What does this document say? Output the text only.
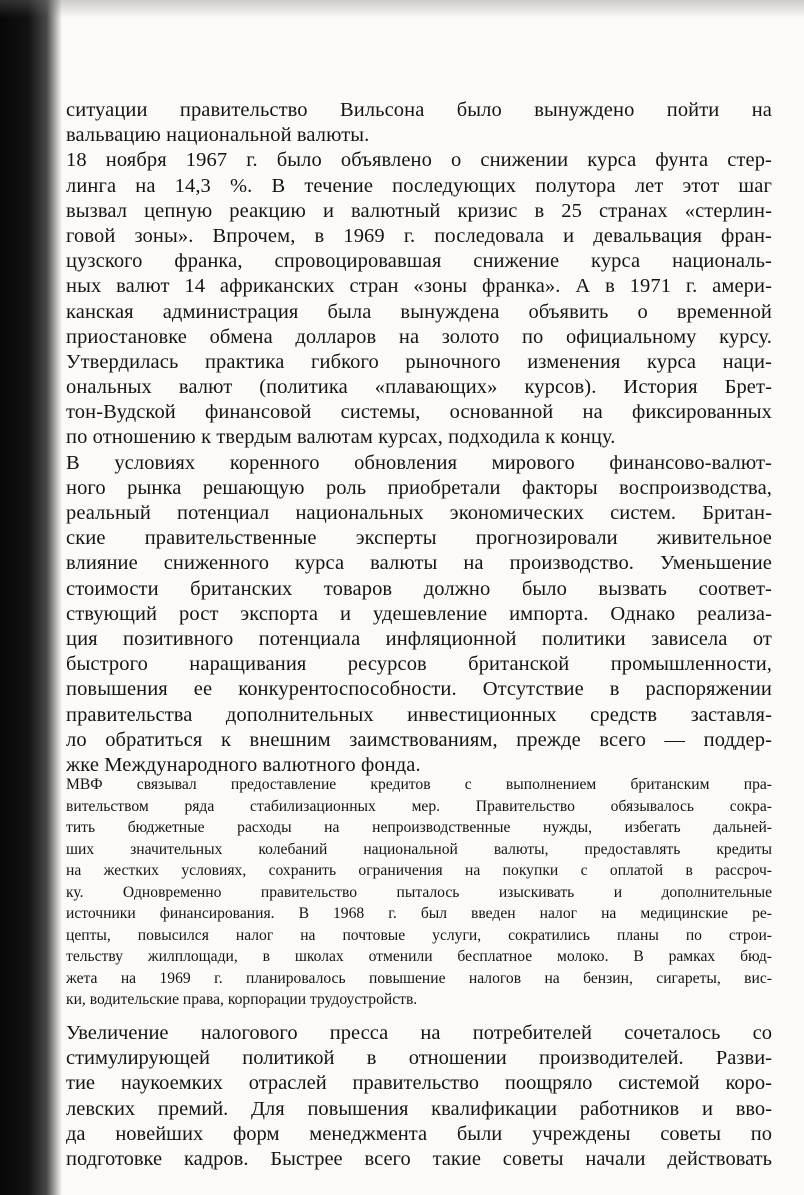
ситуации правительство Вильсона было вынуждено пойти на
вальвацию национальной валюты.
18 ноября 1967 г. было объявлено о снижении курса фунта стер-
линга на 14,3 %. В течение последующих полутора лет этот шаг
вызвал цепную реакцию и валютный кризис в 25 странах «стерлин-
говой зоны». Впрочем, в 1969 г. последовала и девальвация фран-
цузского франка, спровоцировавшая снижение курса националь-
ных валют 14 африканских стран «зоны франка». А в 1971 г. амери-
канская администрация была вынуждена объявить о временной
приостановке обмена долларов на золото по официальному курсу.
Утвердилась практика гибкого рыночного изменения курса наци-
ональных валют (политика «плавающих» курсов). История Брет-
тон-Вудской финансовой системы, основанной на фиксированных
по отношению к твердым валютам курсах, подходила к концу.
В условиях коренного обновления мирового финансово-валют-
ного рынка решающую роль приобретали факторы воспроизводства,
реальный потенциал национальных экономических систем. Британ-
ские правительственные эксперты прогнозировали живительное
влияние сниженного курса валюты на производство. Уменьшение
стоимости британских товаров должно было вызвать соответ-
ствующий рост экспорта и удешевление импорта. Однако реализа-
ция позитивного потенциала инфляционной политики зависела от
быстрого наращивания ресурсов британской промышленности,
повышения ее конкурентоспособности. Отсутствие в распоряжении
правительства дополнительных инвестиционных средств заставля-
ло обратиться к внешним заимствованиям, прежде всего — поддер-
жке Международного валютного фонда.
МВФ связывал предоставление кредитов с выполнением британским пра-
вительством ряда стабилизационных мер. Правительство обязывалось сокра-
тить бюджетные расходы на непроизводственные нужды, избегать дальней-
ших значительных колебаний национальной валюты, предоставлять кредиты
на жестких условиях, сохранить ограничения на покупки с оплатой в рассроч-
ку. Одновременно правительство пыталось изыскивать и дополнительные
источники финансирования. В 1968 г. был введен налог на медицинские ре-
цепты, повысился налог на почтовые услуги, сократились планы по строи-
тельству жилплощади, в школах отменили бесплатное молоко. В рамках бюд-
жета на 1969 г. планировалось повышение налогов на бензин, сигареты, вис-
ки, водительские права, корпорации трудоустройств.
Увеличение налогового пресса на потребителей сочеталось со
стимулирующей политикой в отношении производителей. Разви-
тие наукоемких отраслей правительство поощряло системой коро-
левских премий. Для повышения квалификации работников и вво-
да новейших форм менеджмента были учреждены советы по
подготовке кадров. Быстрее всего такие советы начали действовать
